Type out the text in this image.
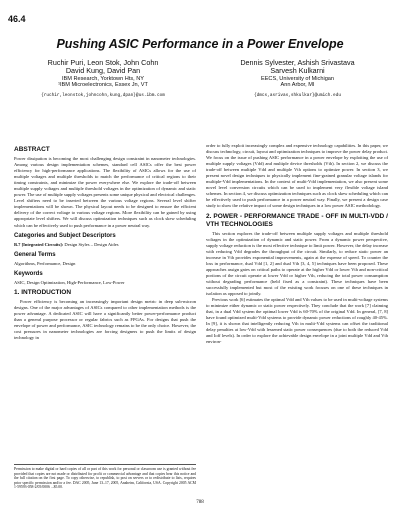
46.4
Pushing ASIC Performance in a Power Envelope
Ruchir Puri, Leon Stok, John Cohn
David Kung, David Pan
IBM Research, Yorktown Hts, NY
¹IBM Microelectronics, Essex Jn, VT
{ruchir,leonstok,johncohn,kung,dpan}@us.ibm.com
Dennis Sylvester, Ashish Srivastava
Sarvesh Kulkarni
EECS, University of Michigan
Ann Arbor, MI
{dmcs,asrivas,shkulkar}@umich.edu
ABSTRACT

Power dissipation is becoming the most challenging design constraint in nanometer technologies. Among various design implementation schemes, standard cell ASICs offer the best power efficiency for high-performance applications. The flexibility of ASICs allows for the use of multiple voltages and multiple thresholds to match the performance of critical regions to their timing constraints, and minimize the power everywhere else. We explore the trade-off between multiple supply voltages and multiple threshold voltages in the optimization of dynamic and static power. The use of multiple supply voltages presents some unique physical and electrical challenges. Level shifters need to be inserted between the various voltage regions. Several level shifter implementations will be shown. The physical layout needs to be designed to ensure the efficient delivery of the correct voltage to various voltage regions. More flexibility can be gained by using appropriate level shifters. We will discuss optimization techniques such as clock skew scheduling which can be effectively used to push performance in a power neutral way.

Categories and Subject Descriptors

B.7 [Integrated Circuits]: Design Styles – Design Aides

General Terms

Algorithms, Performance, Design

Keywords

ASIC, Design Optimization, High-Performance, Low-Power

1. INTRODUCTION

Power efficiency is becoming an increasingly important design metric in deep sub-micron designs. One of the major advantages of ASICs compared to other implementation methods is the power advantage. A dedicated ASIC will have a significantly better power-performance product than a general purpose processor or regular fabrics such as FPGAs. For designs that push the envelope of power and performance, ASIC technology remains to be the only choice. However, the cost pressures in nanometer technologies are forcing designers to push the limits of design technology in

order to fully exploit increasingly complex and expensive technology capabilities. In this paper, we discuss technology, circuit, layout and optimization techniques to improve the power delay product. We focus on the issue of pushing ASIC performance in a power envelope by exploiting the use of multiple supply voltages (Vdd) and multiple device thresholds (Vth). In section 2, we discuss the trade-off between multiple Vdd and multiple Vth options to optimize power. In section 3, we present novel design techniques to physically implement fine-grained granular voltage islands for multiple-Vdd implementations. In the context of multi-Vdd implementation, we also present some novel level conversion circuits which can be used to implement very flexible voltage island schemes. In section 4, we discuss optimization techniques such as clock skew scheduling which can be effectively used to push performance in a power neutral way. Finally, we present a design case study to show the relative impact of some design techniques in a low power ASIC methodology.

2. POWER - PERFORMANCE TRADE - OFF IN MULTI-VDD / VTH TECHNOLOGIES

This section explores the trade-off between multiple supply voltages and multiple threshold voltages in the optimization of dynamic and static power. From a dynamic power perspective, supply voltage reduction is the most effective technique to limit power. However, the delay increase with reducing Vdd degrades the throughput of the circuit. Similarly, to reduce static power an increase in Vth provides exponential improvements, again at the expense of speed. To counter the loss in performance, dual Vdd [1, 2] and dual Vth [3, 4, 5] techniques have been proposed. These approaches assign gates on critical paths to operate at the higher Vdd or lower Vth and non-critical portions of the circuit operate at lower Vdd or higher Vth, reducing the total power consumption without degrading performance (held fixed as a constraint). These techniques have been successfully implemented but most of the existing work focuses on one of these techniques in isolation as opposed to jointly.

Previous work [6] estimates the optimal Vdd and Vth values to be used in multi-voltage systems to minimize either dynamic or static power respectively. They conclude that the work [7] claiming that, in a dual Vdd system the optimal lower Vdd is 60-70% of the original Vdd. In general, [7, 8] have found optimized multi-Vdd systems to provide dynamic power reductions of roughly 40-45%. In [9], it is shown that intelligently reducing Vth in multi-Vdd systems can offset the traditional delay penalties at low-Vdd with lessened static power consequences (due to both the reduced Vdd and Ioff levels). In order to explore the achievable design envelope in a joint multiple Vdd and Vth environ-

Permission to make digital or hard copies of all or part of this work for personal or classroom use is granted without fee provided that copies are not made or distributed for profit or commercial advantage and that copies bear this notice and the full citation on the first page. To copy otherwise, to republish, to post on servers or to redistribute to lists, requires prior specific permission and/or a fee. DAC 2005, June 13–17, 2005, Anaheim, California, USA. Copyright 2005 ACM 1-59593-058-2/05/0006 ...$5.00.
788
